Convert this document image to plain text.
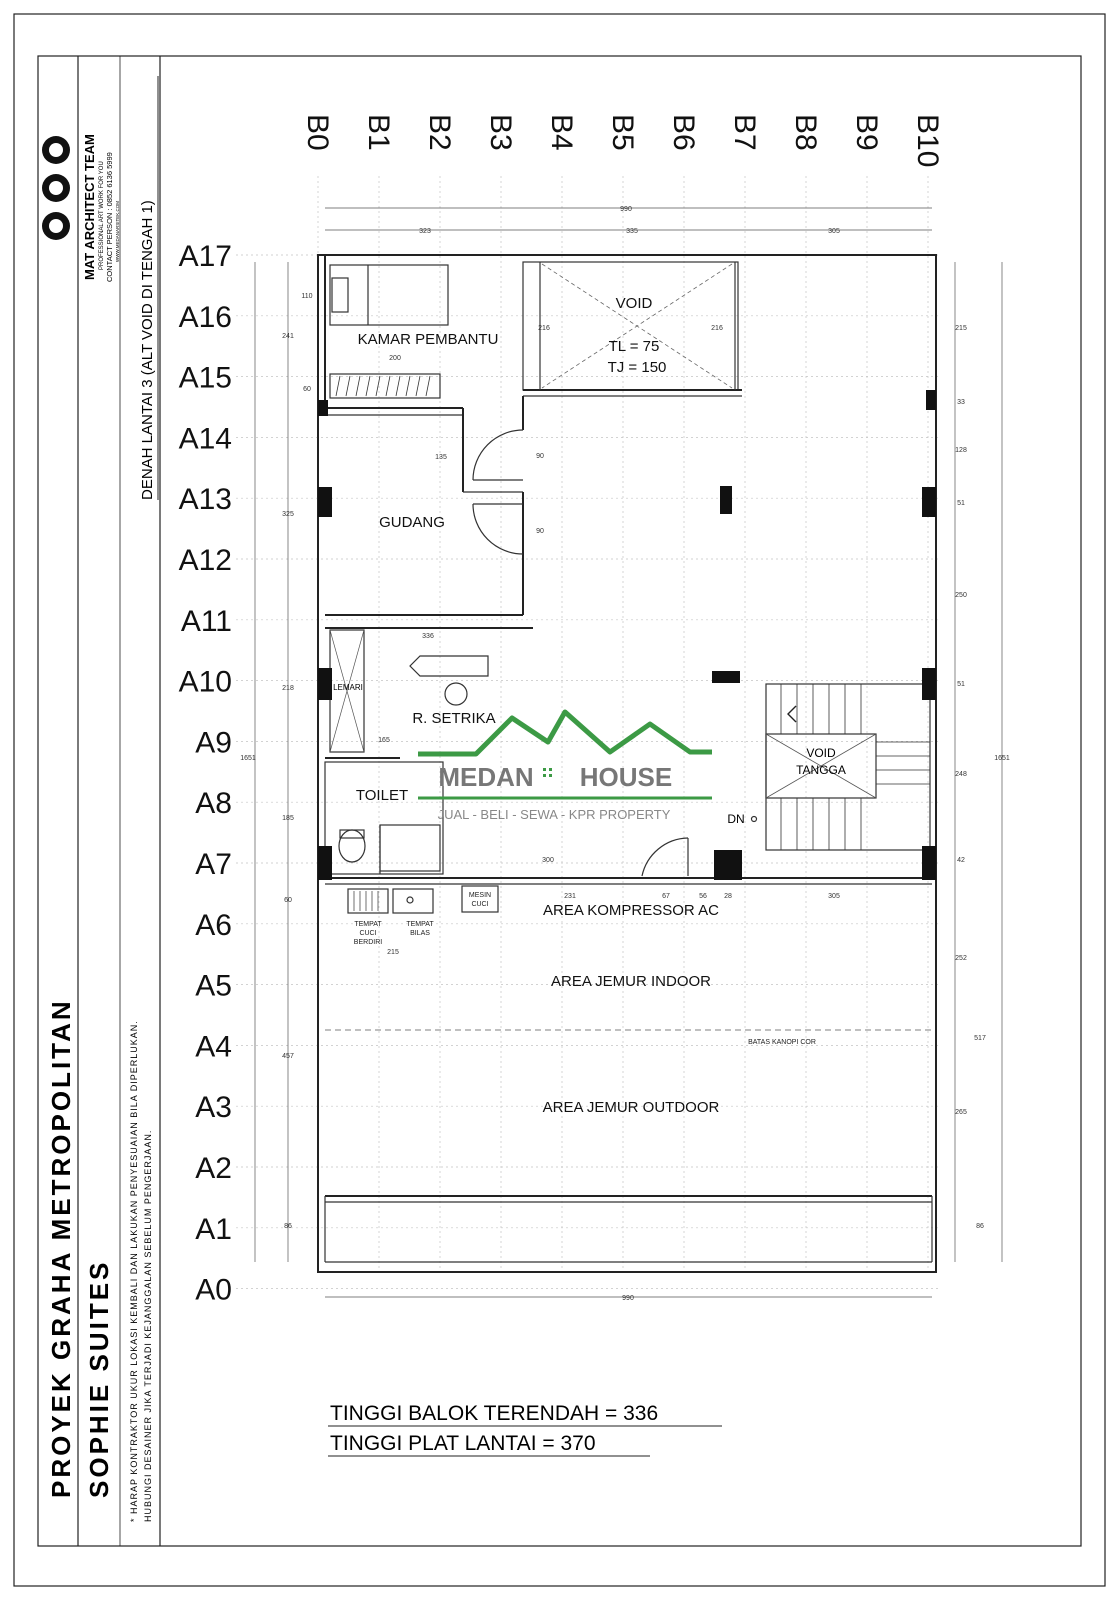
MAT ARCHITECT TEAM PROFESSIONAL ART WORK FOR YOU CONTACT PERSON : 0852 6136 5999 WWW.MEDANARSITEK.COM
PROYEK GRAHA METROPOLITAN SOPHIE SUITES * HARAP KONTRAKTOR UKUR LOKASI KEMBALI DAN LAKUKAN PENYESUAIAN BILA DIPERLUKAN. HUBUNGI DESAINER JIKA TERJADI KEJANGGALAN SEBELUM PENGERJAAN.
DENAH LANTAI 3 (ALT VOID DI TENGAH 1)
B0 B1 B2 B3 B4 B5 B6 B7 B8 B9 B10
A17
A16
A15
A14
A13
A12
A11
A10
A9
A8
A7
A6
A5
A4
A3
A2
A1
A0
KAMAR PEMBANTU
VOID
TL = 75
TJ = 150
GUDANG
LEMARI
R. SETRIKA
TOILET
TEMPAT
CUCI
BERDIRI
TEMPAT
BILAS
MESIN
CUCI
VOID
TANGGA
DN
AREA KOMPRESSOR AC
AREA JEMUR INDOOR
BATAS KANOPI COR
AREA JEMUR OUTDOOR
990
323	335	305
110
241
200
60
325
135	90
90
216	216	215
33
128
51
250
51
248
42
1651	1651
336
218
185
165
300
231	67	56 28	305
60
215
252
517
457
265
86	86
990
MEDAN HOUSE
JUAL - BELI - SEWA - KPR PROPERTY
TINGGI BALOK TERENDAH = 336
TINGGI PLAT LANTAI = 370
